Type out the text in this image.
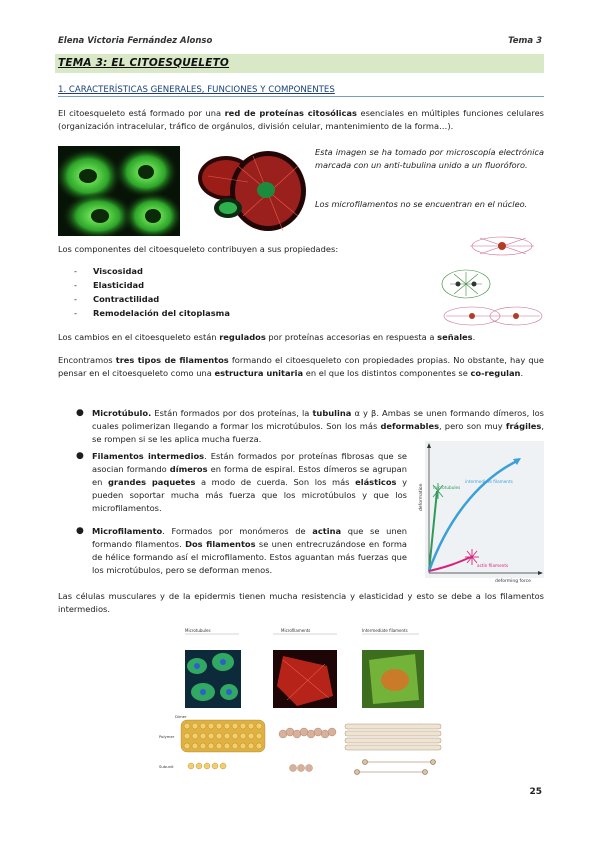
Elena Victoria Fernández Alonso	Tema 3
TEMA 3: EL CITOESQUELETO
1. CARACTERÍSTICAS GENERALES, FUNCIONES Y COMPONENTES
El citoesqueleto está formado por una red de proteínas citosólicas esenciales en múltiples funciones celulares (organización intracelular, tráfico de orgánulos, división celular, mantenimiento de la forma…).
Esta imagen se ha tomado por microscopía electrónica marcada con un anti-tubulina unido a un fluoróforo.
Los microfilamentos no se encuentran en el núcleo.
Los componentes del citoesqueleto contribuyen a sus propiedades:
- Viscosidad
- Elasticidad
- Contractilidad
- Remodelación del citoplasma
Los cambios en el citoesqueleto están regulados por proteínas accesorias en respuesta a señales.
Encontramos tres tipos de filamentos formando el citoesqueleto con propiedades propias. No obstante, hay que pensar en el citoesqueleto como una estructura unitaria en el que los distintos componentes se co-regulan.
● Microtúbulo. Están formados por dos proteínas, la tubulina α y β. Ambas se unen formando dímeros, los cuales polimerizan llegando a formar los microtúbulos. Son los más deformables, pero son muy frágiles, se rompen si se les aplica mucha fuerza.
● Filamentos intermedios. Están formados por proteínas fibrosas que se asocian formando dímeros en forma de espiral. Estos dímeros se agrupan en grandes paquetes a modo de cuerda. Son los más elásticos y pueden soportar mucha más fuerza que los microtúbulos y que los microfilamentos.
● Microfilamento. Formados por monómeros de actina que se unen formando filamentos. Dos filamentos se unen entrecruzándose en forma de hélice formando así el microfilamento. Estos aguantan más fuerzas que los microtúbulos, pero se deforman menos.
deformation
deforming force
microtubules
intermediate filaments
actin filaments
Las células musculares y de la epidermis tienen mucha resistencia y elasticidad y esto se debe a los filamentos intermedios.
Microtubules	Microfilaments	Intermediate filaments
Dimer
Polymer
Subunit
25
